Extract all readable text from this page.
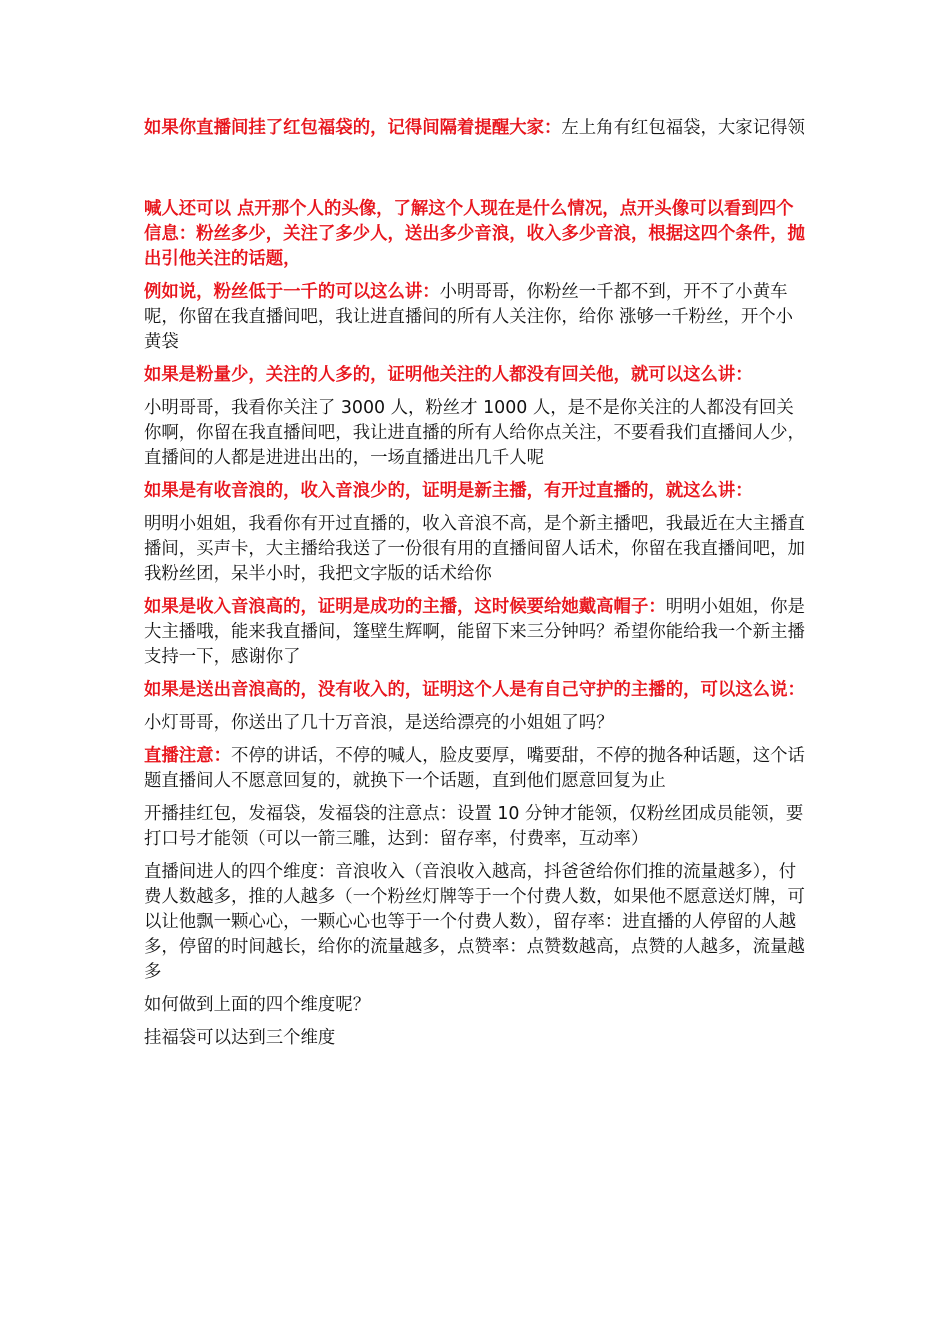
如果你直播间挂了红包福袋的，记得间隔着提醒大家：左上角有红包福袋，大家记得领

喊人还可以 点开那个人的头像，了解这个人现在是什么情况，点开头像可以看到四个信息：粉丝多少，关注了多少人，送出多少音浪，收入多少音浪，根据这四个条件，抛出引他关注的话题，

例如说，粉丝低于一千的可以这么讲：小明哥哥，你粉丝一千都不到，开不了小黄车呢，你留在我直播间吧，我让进直播间的所有人关注你，给你 涨够一千粉丝，开个小黄袋

如果是粉量少，关注的人多的，证明他关注的人都没有回关他，就可以这么讲：

小明哥哥，我看你关注了 3000 人，粉丝才 1000 人，是不是你关注的人都没有回关你啊，你留在我直播间吧，我让进直播的所有人给你点关注，不要看我们直播间人少，直播间的人都是进进出出的，一场直播进出几千人呢

如果是有收音浪的，收入音浪少的，证明是新主播，有开过直播的，就这么讲：

明明小姐姐，我看你有开过直播的，收入音浪不高，是个新主播吧，我最近在大主播直播间，买声卡，大主播给我送了一份很有用的直播间留人话术，你留在我直播间吧，加我粉丝团，呆半小时，我把文字版的话术给你

如果是收入音浪高的，证明是成功的主播，这时候要给她戴高帽子：明明小姐姐，你是大主播哦，能来我直播间，篷壁生辉啊，能留下来三分钟吗？希望你能给我一个新主播支持一下，感谢你了

如果是送出音浪高的，没有收入的，证明这个人是有自己守护的主播的，可以这么说：

小灯哥哥，你送出了几十万音浪，是送给漂亮的小姐姐了吗？

直播注意：不停的讲话，不停的喊人，脸皮要厚，嘴要甜，不停的抛各种话题，这个话题直播间人不愿意回复的，就换下一个话题，直到他们愿意回复为止

开播挂红包，发福袋，发福袋的注意点：设置 10 分钟才能领，仅粉丝团成员能领，要打口号才能领（可以一箭三雕，达到：留存率，付费率，互动率）

直播间进人的四个维度：音浪收入（音浪收入越高，抖爸爸给你们推的流量越多），付费人数越多，推的人越多（一个粉丝灯牌等于一个付费人数，如果他不愿意送灯牌，可以让他飘一颗心心，一颗心心也等于一个付费人数），留存率：进直播的人停留的人越多，停留的时间越长，给你的流量越多，点赞率：点赞数越高，点赞的人越多，流量越多

如何做到上面的四个维度呢？

挂福袋可以达到三个维度
